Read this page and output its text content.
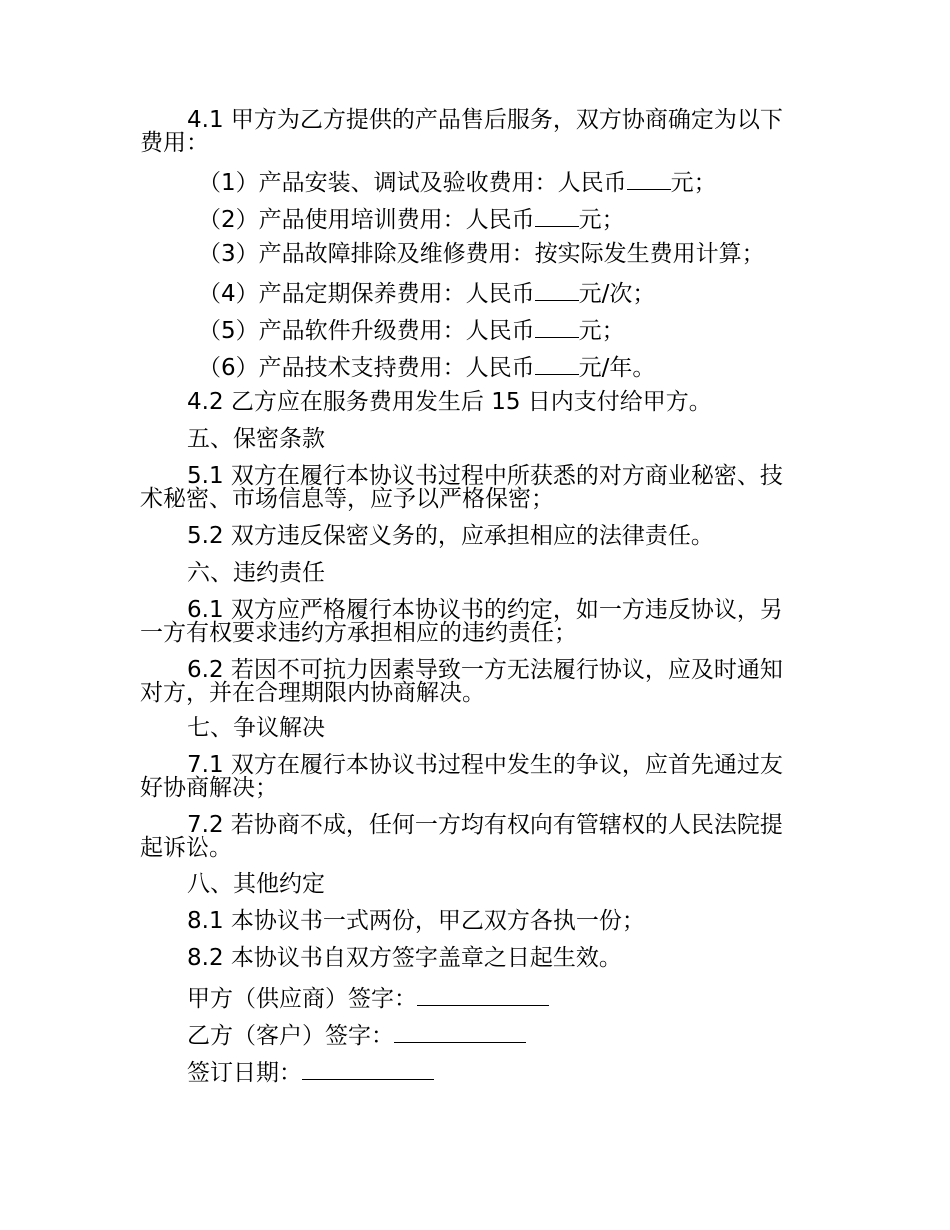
4.1 甲方为乙方提供的产品售后服务，双方协商确定为以下费用：
（1）产品安装、调试及验收费用：人民币 元；
（2）产品使用培训费用：人民币 元；
（3）产品故障排除及维修费用：按实际发生费用计算；
（4）产品定期保养费用：人民币 元/次；
（5）产品软件升级费用：人民币 元；
（6）产品技术支持费用：人民币 元/年。
4.2 乙方应在服务费用发生后 15 日内支付给甲方。
五、保密条款
5.1 双方在履行本协议书过程中所获悉的对方商业秘密、技术秘密、市场信息等，应予以严格保密；
5.2 双方违反保密义务的，应承担相应的法律责任。
六、违约责任
6.1 双方应严格履行本协议书的约定，如一方违反协议，另一方有权要求违约方承担相应的违约责任；
6.2 若因不可抗力因素导致一方无法履行协议，应及时通知对方，并在合理期限内协商解决。
七、争议解决
7.1 双方在履行本协议书过程中发生的争议，应首先通过友好协商解决；
7.2 若协商不成，任何一方均有权向有管辖权的人民法院提起诉讼。
八、其他约定
8.1 本协议书一式两份，甲乙双方各执一份；
8.2 本协议书自双方签字盖章之日起生效。
甲方（供应商）签字：
乙方（客户）签字：
签订日期：
